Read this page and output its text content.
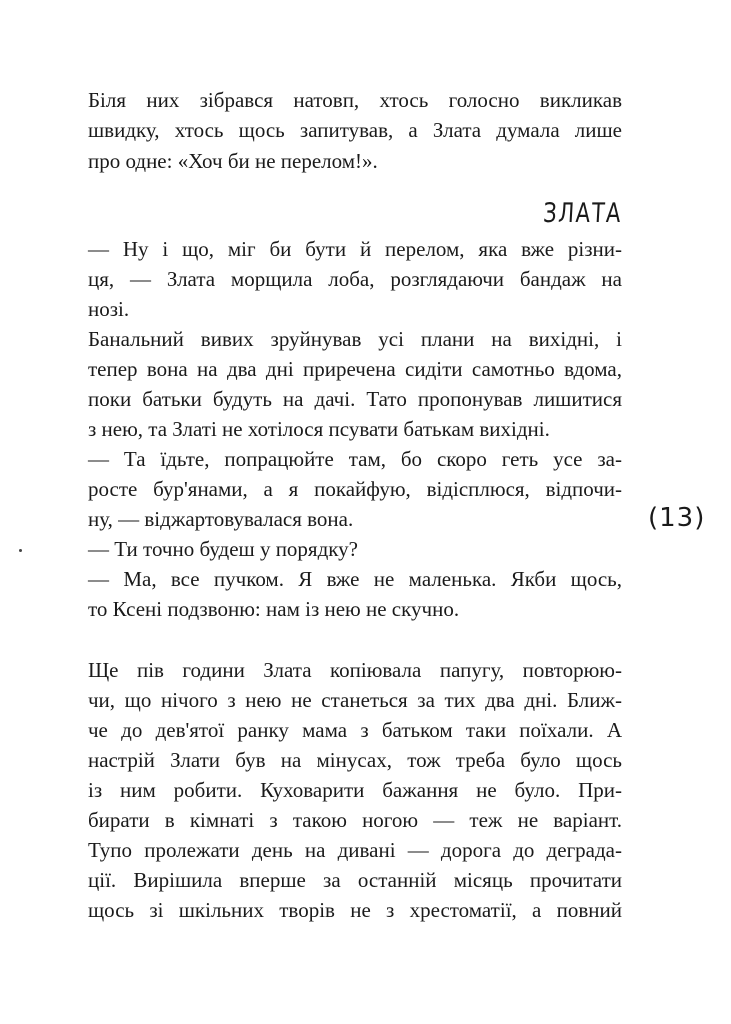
Біля них зібрався натовп, хтось голосно викликав
швидку, хтось щось запитував, а Злата думала лише
про одне: «Хоч би не перелом!».
ЗЛАТА
— Ну і що, міг би бути й перелом, яка вже різни-
ця, — Злата морщила лоба, розглядаючи бандаж на
нозі.
Банальний вивих зруйнував усі плани на вихідні, і
тепер вона на два дні приречена сидіти самотньо вдома,
поки батьки будуть на дачі. Тато пропонував лишитися
з нею, та Златі не хотілося псувати батькам вихідні.
— Та їдьте, попрацюйте там, бо скоро геть усе за-
росте бур'янами, а я покайфую, відісплюся, відпочи-
ну, — віджартовувалася вона.
— Ти точно будеш у порядку?
— Ма, все пучком. Я вже не маленька. Якби щось,
то Ксені подзвоню: нам із нею не скучно.
Ще пів години Злата копіювала папугу, повторюю-
чи, що нічого з нею не станеться за тих два дні. Ближ-
че до дев'ятої ранку мама з батьком таки поїхали. А
настрій Злати був на мінусах, тож треба було щось
із ним робити. Куховарити бажання не було. При-
бирати в кімнаті з такою ногою — теж не варіант.
Тупо пролежати день на дивані — дорога до деграда-
ції. Вирішила вперше за останній місяць прочитати
щось зі шкільних творів не з хрестоматії, а повний
(13)
